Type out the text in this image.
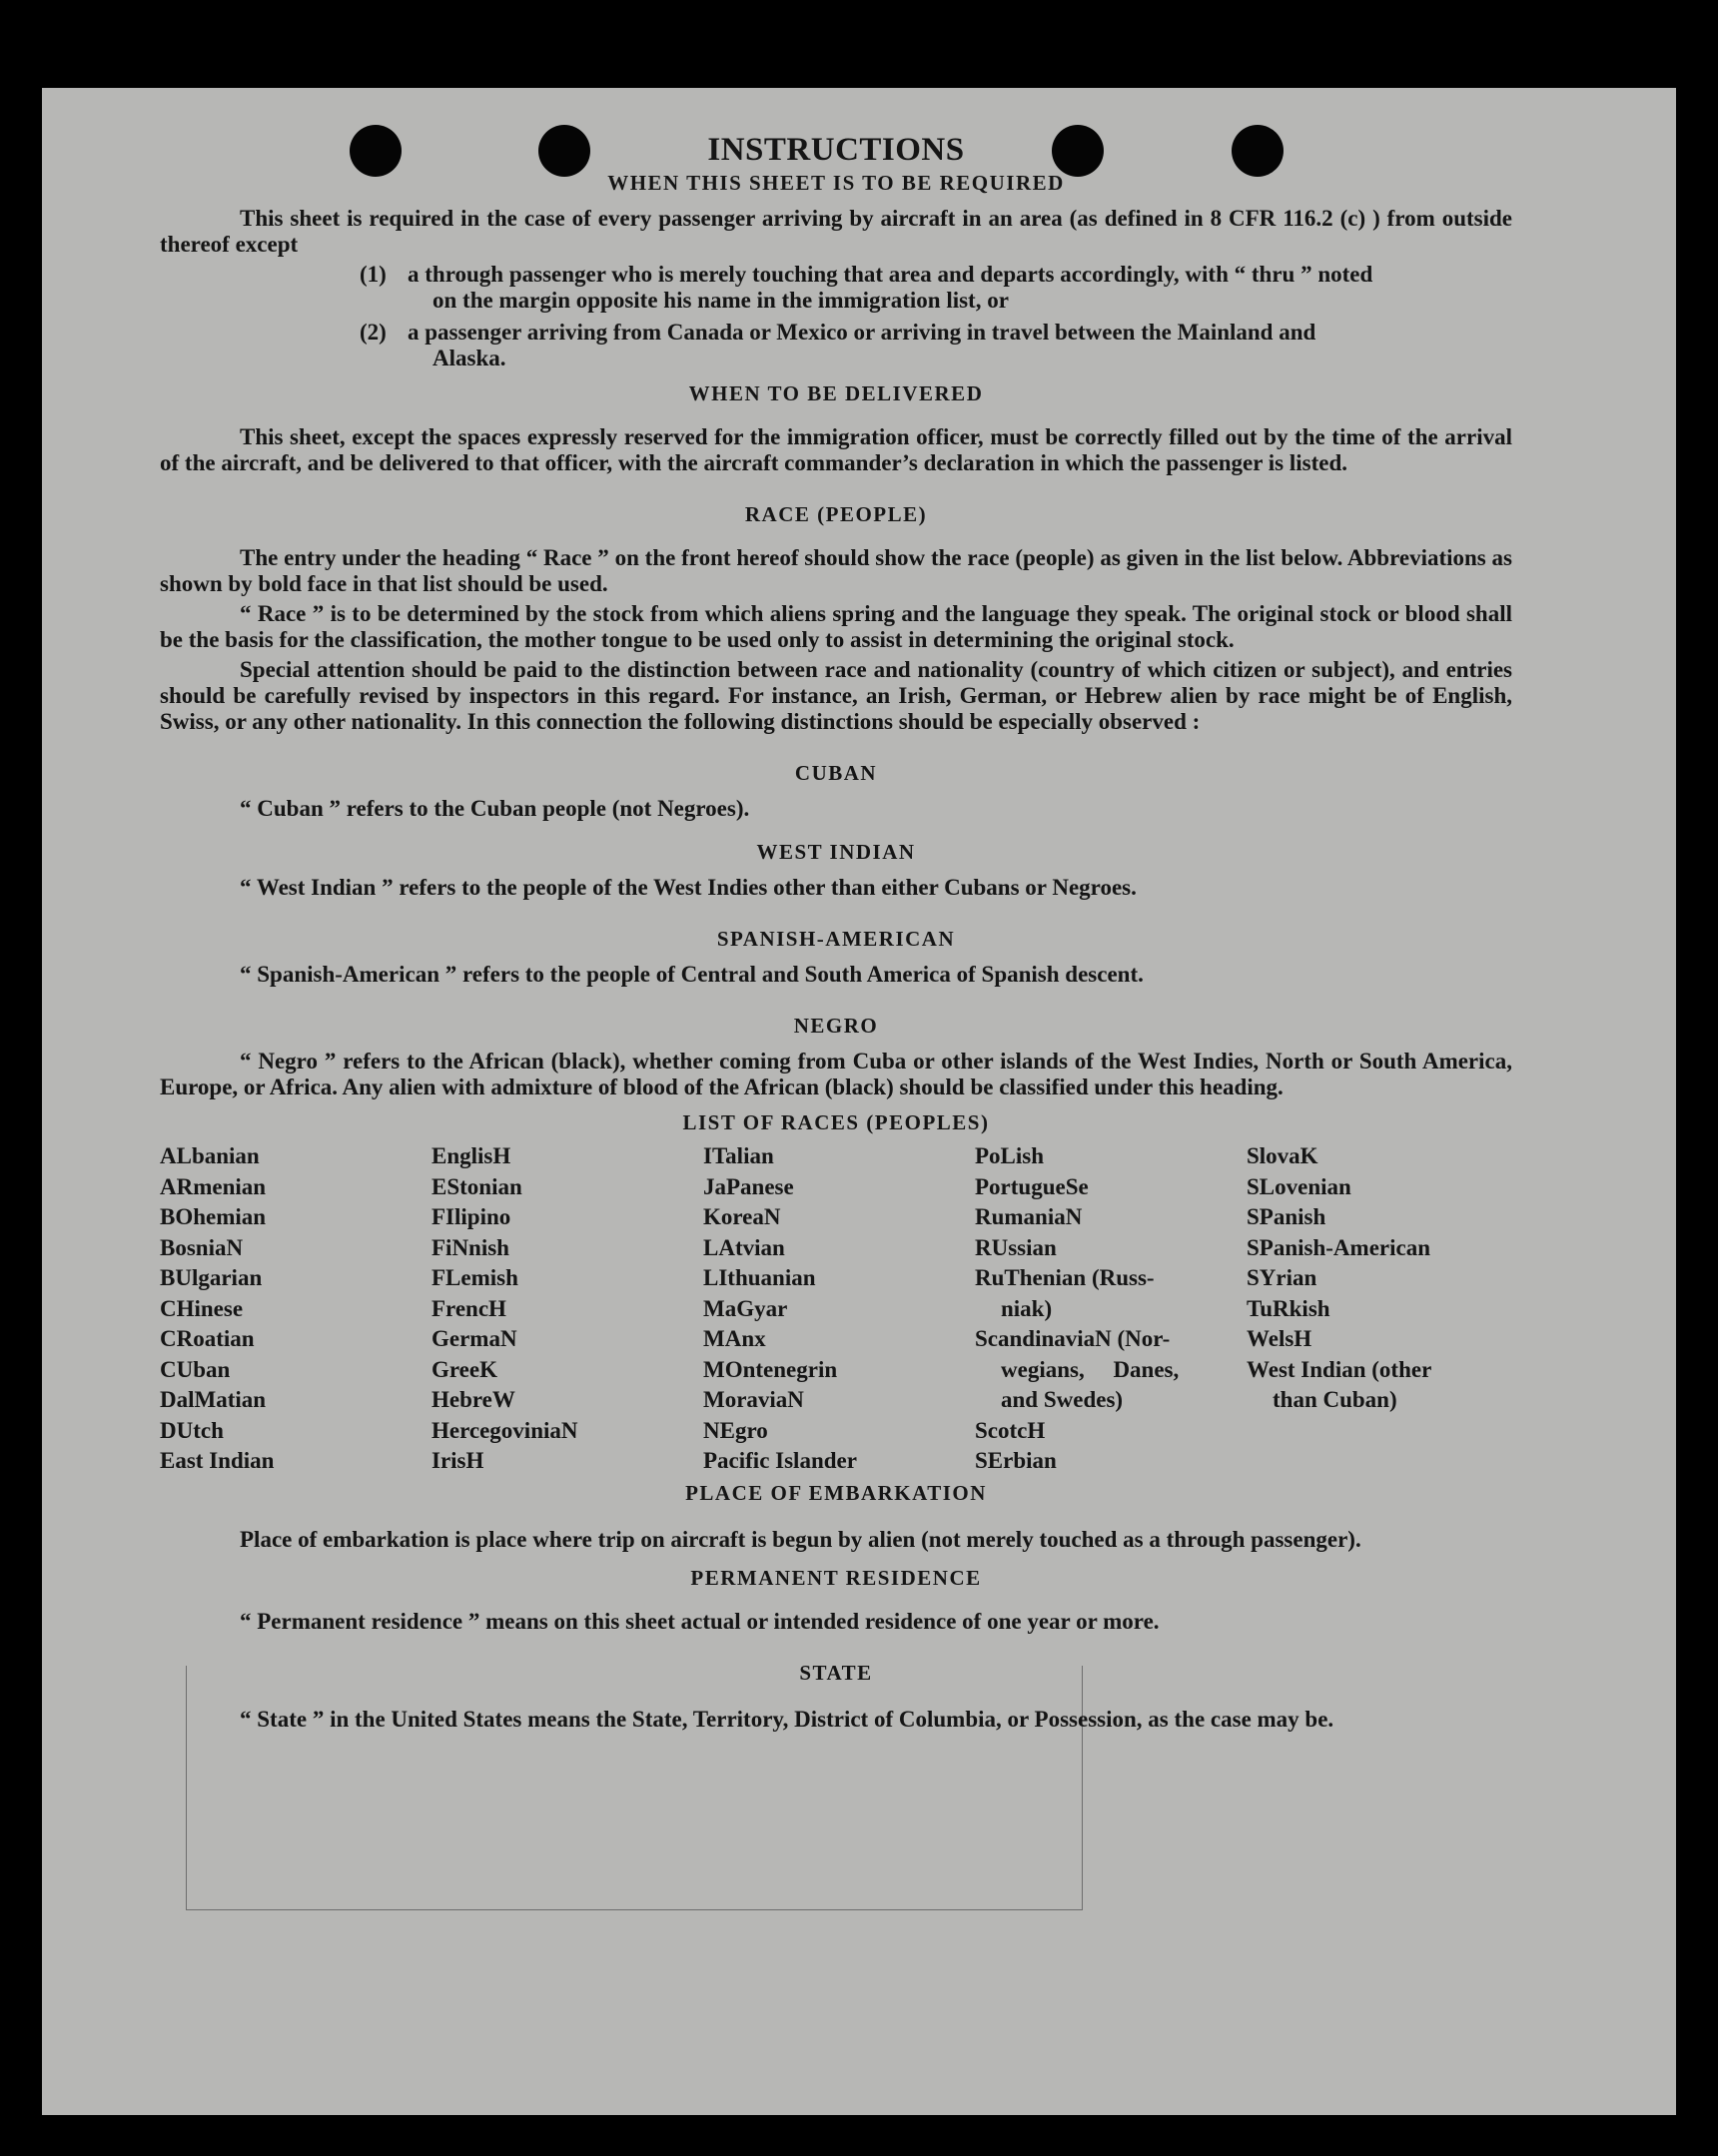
INSTRUCTIONS
WHEN THIS SHEET IS TO BE REQUIRED

This sheet is required in the case of every passenger arriving by aircraft in an area (as defined in 8 CFR 116.2 (c) ) from outside thereof except

(1) a through passenger who is merely touching that area and departs accordingly, with “ thru ” noted
on the margin opposite his name in the immigration list, or
(2) a passenger arriving from Canada or Mexico or arriving in travel between the Mainland and
Alaska.
WHEN TO BE DELIVERED

This sheet, except the spaces expressly reserved for the immigration officer, must be correctly filled out by the time of the arrival of the aircraft, and be delivered to that officer, with the aircraft commander’s declaration in which the passenger is listed.

RACE (PEOPLE)

The entry under the heading “ Race ” on the front hereof should show the race (people) as given in the list below. Abbreviations as shown by bold face in that list should be used.

“ Race ” is to be determined by the stock from which aliens spring and the language they speak. The original stock or blood shall be the basis for the classification, the mother tongue to be used only to assist in determining the original stock.

Special attention should be paid to the distinction between race and nationality (country of which citizen or subject), and entries should be carefully revised by inspectors in this regard. For instance, an Irish, German, or Hebrew alien by race might be of English, Swiss, or any other nationality. In this connection the following distinctions should be especially observed :

CUBAN

“ Cuban ” refers to the Cuban people (not Negroes).

WEST INDIAN

“ West Indian ” refers to the people of the West Indies other than either Cubans or Negroes.

SPANISH-AMERICAN

“ Spanish-American ” refers to the people of Central and South America of Spanish descent.

NEGRO

“ Negro ” refers to the African (black), whether coming from Cuba or other islands of the West Indies, North or South America, Europe, or Africa. Any alien with admixture of blood of the African (black) should be classified under this heading.

LIST OF RACES (PEOPLES)
ALbanian
ARmenian
BOhemian
BosniaN
BUlgarian
CHinese
CRoatian
CUban
DalMatian
DUtch
East Indian
EnglisH
EStonian
FIlipino
FiNnish
FLemish
FrencH
GermaN
GreeK
HebreW
HercegoviniaN
IrisH
ITalian
JaPanese
KoreaN
LAtvian
LIthuanian
MaGyar
MAnx
MOntenegrin
MoraviaN
NEgro
Pacific Islander
PoLish
PortugueSe
RumaniaN
RUssian
RuThenian (Russ-
niak)
ScandinaviaN (Nor-
wegians,     Danes,
and Swedes)
ScotcH
SErbian
SlovaK
SLovenian
SPanish
SPanish-American
SYrian
TuRkish
WelsH
West Indian (other
than Cuban)
PLACE OF EMBARKATION

Place of embarkation is place where trip on aircraft is begun by alien (not merely touched as a through passenger).

PERMANENT RESIDENCE

“ Permanent residence ” means on this sheet actual or intended residence of one year or more.

STATE

“ State ” in the United States means the State, Territory, District of Columbia, or Possession, as the case may be.
